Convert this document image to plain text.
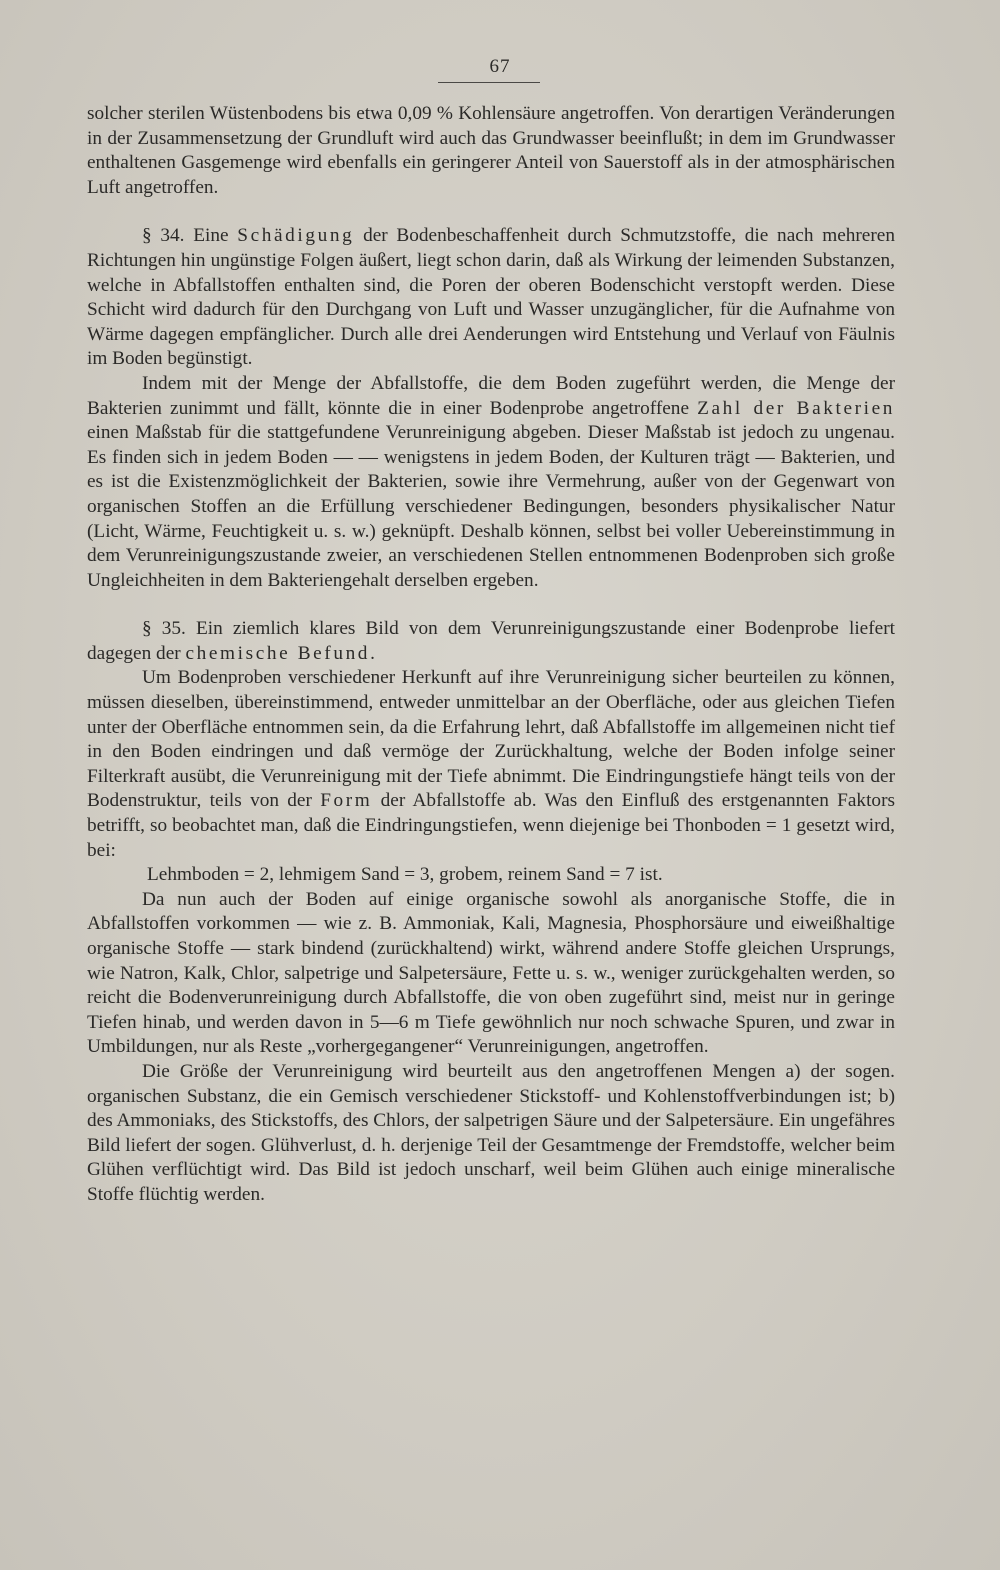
67

solcher sterilen Wüstenbodens bis etwa 0,09 % Kohlensäure angetroffen. Von derartigen Veränderungen in der Zusammensetzung der Grundluft wird auch das Grundwasser beeinflußt; in dem im Grundwasser enthaltenen Gasgemenge wird ebenfalls ein geringerer Anteil von Sauerstoff als in der atmosphärischen Luft angetroffen.

§ 34. Eine Schädigung der Bodenbeschaffenheit durch Schmutzstoffe, die nach mehreren Richtungen hin ungünstige Folgen äußert, liegt schon darin, daß als Wirkung der leimenden Substanzen, welche in Abfallstoffen enthalten sind, die Poren der oberen Bodenschicht verstopft werden. Diese Schicht wird dadurch für den Durchgang von Luft und Wasser unzugänglicher, für die Aufnahme von Wärme dagegen empfänglicher. Durch alle drei Aenderungen wird Entstehung und Verlauf von Fäulnis im Boden begünstigt.

Indem mit der Menge der Abfallstoffe, die dem Boden zugeführt werden, die Menge der Bakterien zunimmt und fällt, könnte die in einer Bodenprobe angetroffene Zahl der Bakterien einen Maßstab für die stattgefundene Verunreinigung abgeben. Dieser Maßstab ist jedoch zu ungenau. Es finden sich in jedem Boden — — wenigstens in jedem Boden, der Kulturen trägt — Bakterien, und es ist die Existenzmöglichkeit der Bakterien, sowie ihre Vermehrung, außer von der Gegenwart von organischen Stoffen an die Erfüllung verschiedener Bedingungen, besonders physikalischer Natur (Licht, Wärme, Feuchtigkeit u. s. w.) geknüpft. Deshalb können, selbst bei voller Uebereinstimmung in dem Verunreinigungszustande zweier, an verschiedenen Stellen entnommenen Bodenproben sich große Ungleichheiten in dem Bakteriengehalt derselben ergeben.

§ 35. Ein ziemlich klares Bild von dem Verunreinigungszustande einer Bodenprobe liefert dagegen der chemische Befund.

Um Bodenproben verschiedener Herkunft auf ihre Verunreinigung sicher beurteilen zu können, müssen dieselben, übereinstimmend, entweder unmittelbar an der Oberfläche, oder aus gleichen Tiefen unter der Oberfläche entnommen sein, da die Erfahrung lehrt, daß Abfallstoffe im allgemeinen nicht tief in den Boden eindringen und daß vermöge der Zurückhaltung, welche der Boden infolge seiner Filterkraft ausübt, die Verunreinigung mit der Tiefe abnimmt. Die Eindringungstiefe hängt teils von der Bodenstruktur, teils von der Form der Abfallstoffe ab. Was den Einfluß des erstgenannten Faktors betrifft, so beobachtet man, daß die Eindringungstiefen, wenn diejenige bei Thonboden = 1 gesetzt wird, bei:

Lehmboden = 2, lehmigem Sand = 3, grobem, reinem Sand = 7 ist.

Da nun auch der Boden auf einige organische sowohl als anorganische Stoffe, die in Abfallstoffen vorkommen — wie z. B. Ammoniak, Kali, Magnesia, Phosphorsäure und eiweißhaltige organische Stoffe — stark bindend (zurückhaltend) wirkt, während andere Stoffe gleichen Ursprungs, wie Natron, Kalk, Chlor, salpetrige und Salpetersäure, Fette u. s. w., weniger zurückgehalten werden, so reicht die Bodenverunreinigung durch Abfallstoffe, die von oben zugeführt sind, meist nur in geringe Tiefen hinab, und werden davon in 5—6 m Tiefe gewöhnlich nur noch schwache Spuren, und zwar in Umbildungen, nur als Reste „vorhergegangener“ Verunreinigungen, angetroffen.

Die Größe der Verunreinigung wird beurteilt aus den angetroffenen Mengen a) der sogen. organischen Substanz, die ein Gemisch verschiedener Stickstoff- und Kohlenstoffverbindungen ist; b) des Ammoniaks, des Stickstoffs, des Chlors, der salpetrigen Säure und der Salpetersäure. Ein ungefähres Bild liefert der sogen. Glühverlust, d. h. derjenige Teil der Gesamtmenge der Fremdstoffe, welcher beim Glühen verflüchtigt wird. Das Bild ist jedoch unscharf, weil beim Glühen auch einige mineralische Stoffe flüchtig werden.
